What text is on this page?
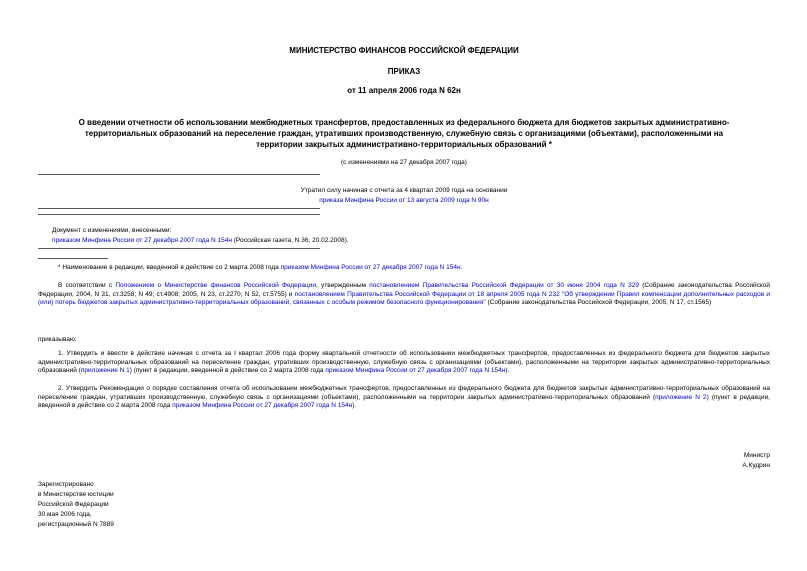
МИНИСТЕРСТВО ФИНАНСОВ РОССИЙСКОЙ ФЕДЕРАЦИИ
ПРИКАЗ
от 11 апреля 2006 года N 62н
О введении отчетности об использовании межбюджетных трансфертов, предоставленных из федерального бюджета для бюджетов закрытых административно-
территориальных образований на переселение граждан, утративших производственную, служебную связь с организациями (объектами), расположенными на
территории закрытых административно-территориальных образований *
(с изменениями на 27 декабря 2007 года)
Утратил силу начиная с отчета за 4 квартал 2009 года на основании
приказа Минфина России от 13 августа 2009 года N 90н
Документ с изменениями, внесенными:
приказом Минфина России от 27 декабря 2007 года N 154н (Российская газета, N 36, 20.02.2008).
* Наименование в редакции, введенной в действие со 2 марта 2008 года приказом Минфина России от 27 декабря 2007 года N 154н.
В соответствии с Положением о Министерстве финансов Российской Федерации, утвержденным постановлением Правительства Российской Федерации от 30 июня 2004 года N 329 (Собрание законодательства Российской Федерации, 2004, N 31, ст.3258; N 49; ст.4908; 2005, N 23, ст.2270; N 52, ст.5755) и постановлением Правительства Российской Федерации от 18 апреля 2005 года N 232 "Об утверждении Правил компенсации дополнительных расходов и (или) потерь бюджетов закрытых административно-территориальных образований, связанных с особым режимом безопасного функционирования" (Собрание законодательства Российской Федерации, 2005, N 17, ст.1565)
приказываю:
1. Утвердить и ввести в действие начиная с отчета за I квартал 2006 года форму квартальной отчетности об использовании межбюджетных трансфертов, предоставленных из федерального бюджета для бюджетов закрытых административно-территориальных образований на переселение граждан, утративших производственную, служебную связь с организациями (объектами), расположенными на территории закрытых административно-территориальных образований (приложение N 1) (пункт в редакции, введенной в действие со 2 марта 2008 года приказом Минфина России от 27 декабря 2007 года N 154н).
2. Утвердить Рекомендации о порядке составления отчета об использовании межбюджетных трансфертов, предоставленных из федерального бюджета для бюджетов закрытых административно-территориальных образований на переселение граждан, утративших производственную, служебную связь с организациями (объектами), расположенными на территории закрытых административно-территориальных образований (приложение N 2) (пункт в редакции, введенной в действие со 2 марта 2008 года приказом Минфина России от 27 декабря 2007 года N 154н).
Министр
А.Кудрин
Зарегистрировано
в Министерстве юстиции
Российской Федерации
30 мая 2006 года,
регистрационный N 7889
